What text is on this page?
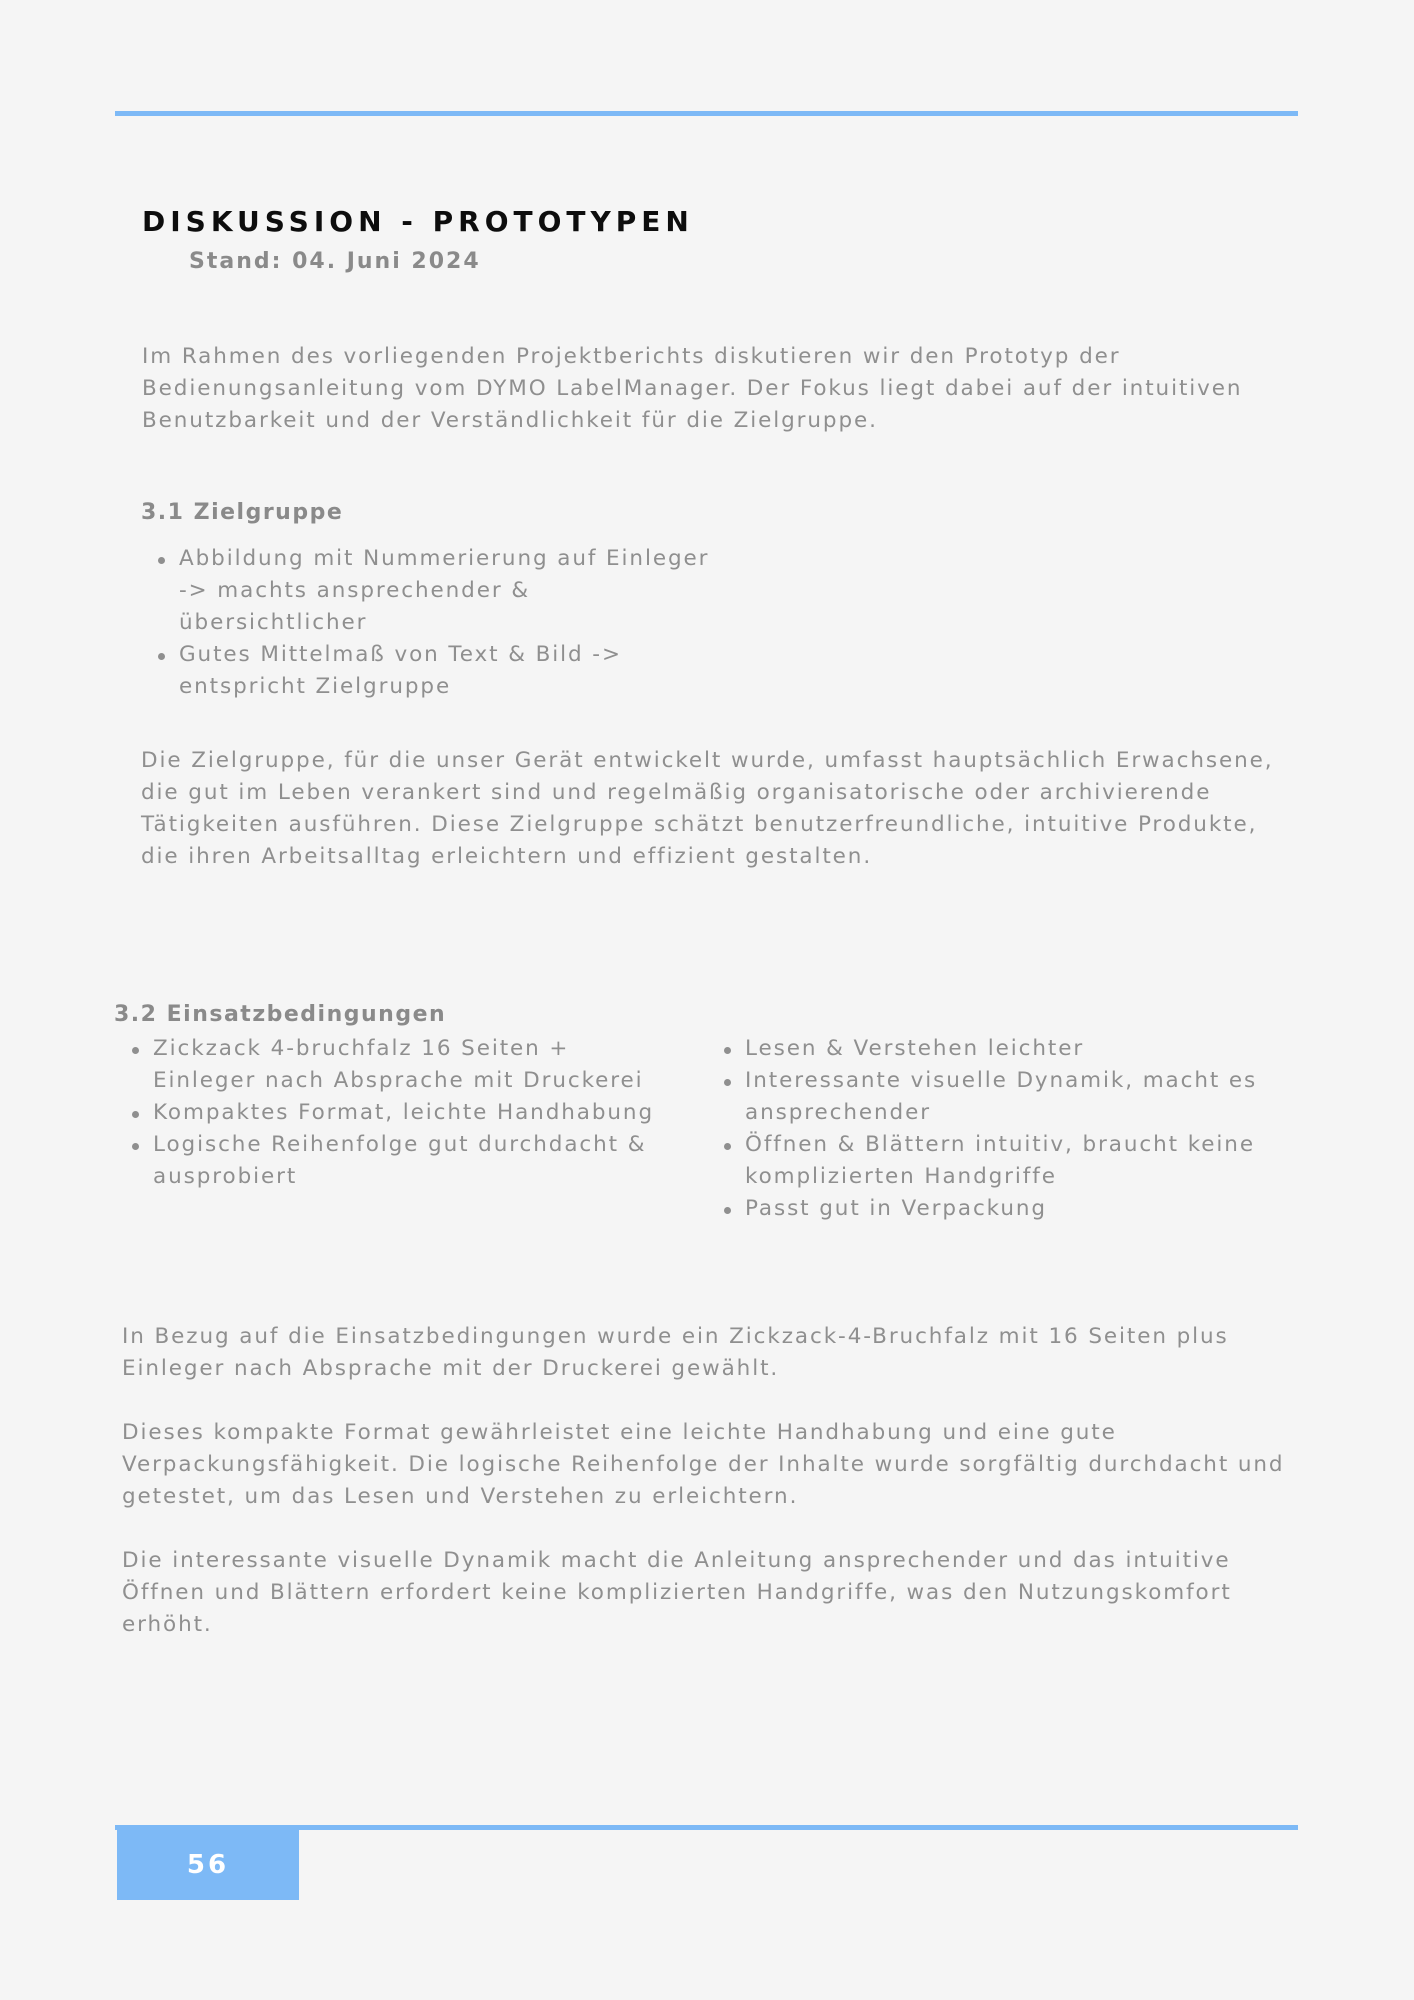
DISKUSSION - PROTOTYPEN
Stand: 04. Juni 2024

Im Rahmen des vorliegenden Projektberichts diskutieren wir den Prototyp der Bedienungsanleitung vom DYMO LabelManager. Der Fokus liegt dabei auf der intuitiven Benutzbarkeit und der Verständlichkeit für die Zielgruppe.

3.1 Zielgruppe
Abbildung mit Nummerierung auf Einleger -> machts ansprechender & übersichtlicher
Gutes Mittelmaß von Text & Bild -> entspricht Zielgruppe

Die Zielgruppe, für die unser Gerät entwickelt wurde, umfasst hauptsächlich Erwachsene, die gut im Leben verankert sind und regelmäßig organisatorische oder archivierende Tätigkeiten ausführen. Diese Zielgruppe schätzt benutzerfreundliche, intuitive Produkte, die ihren Arbeitsalltag erleichtern und effizient gestalten.

3.2 Einsatzbedingungen
Zickzack 4-bruchfalz 16 Seiten + Einleger nach Absprache mit Druckerei
Kompaktes Format, leichte Handhabung
Logische Reihenfolge gut durchdacht & ausprobiert
Lesen & Verstehen leichter
Interessante visuelle Dynamik, macht es ansprechender
Öffnen & Blättern intuitiv, braucht keine komplizierten Handgriffe
Passt gut in Verpackung

In Bezug auf die Einsatzbedingungen wurde ein Zickzack-4-Bruchfalz mit 16 Seiten plus Einleger nach Absprache mit der Druckerei gewählt.

Dieses kompakte Format gewährleistet eine leichte Handhabung und eine gute Verpackungsfähigkeit. Die logische Reihenfolge der Inhalte wurde sorgfältig durchdacht und getestet, um das Lesen und Verstehen zu erleichtern.

Die interessante visuelle Dynamik macht die Anleitung ansprechender und das intuitive Öffnen und Blättern erfordert keine komplizierten Handgriffe, was den Nutzungskomfort erhöht.

56
